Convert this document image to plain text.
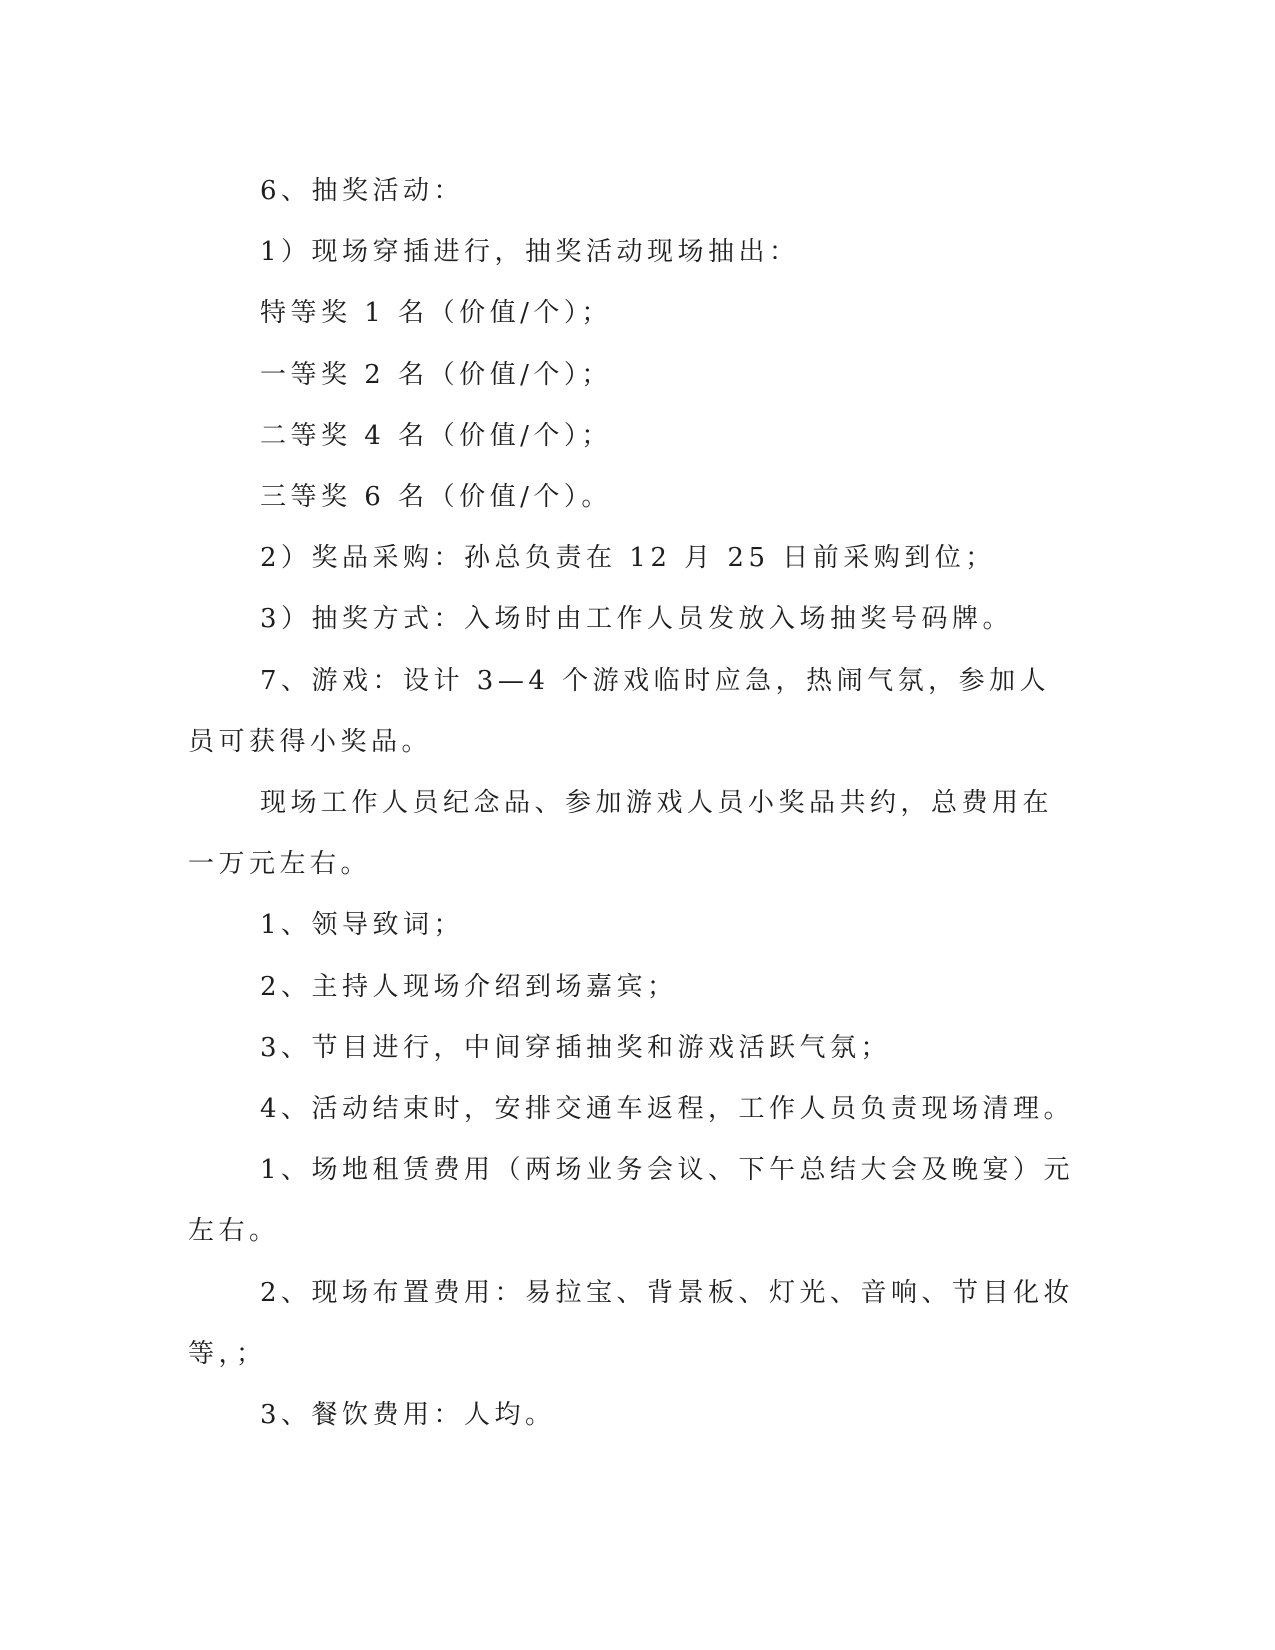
6、抽奖活动：

1）现场穿插进行，抽奖活动现场抽出：

特等奖 1 名（价值/个）；

一等奖 2 名（价值/个）；

二等奖 4 名（价值/个）；

三等奖 6 名（价值/个）。

2）奖品采购：孙总负责在 12 月 25 日前采购到位；

3）抽奖方式：入场时由工作人员发放入场抽奖号码牌。

7、游戏：设计 3—4 个游戏临时应急，热闹气氛，参加人员可获得小奖品。

现场工作人员纪念品、参加游戏人员小奖品共约，总费用在一万元左右。

1、领导致词；

2、主持人现场介绍到场嘉宾；

3、节目进行，中间穿插抽奖和游戏活跃气氛；

4、活动结束时，安排交通车返程，工作人员负责现场清理。

1、场地租赁费用（两场业务会议、下午总结大会及晚宴）元左右。

2、现场布置费用：易拉宝、背景板、灯光、音响、节目化妆等，；

3、餐饮费用：人均。
